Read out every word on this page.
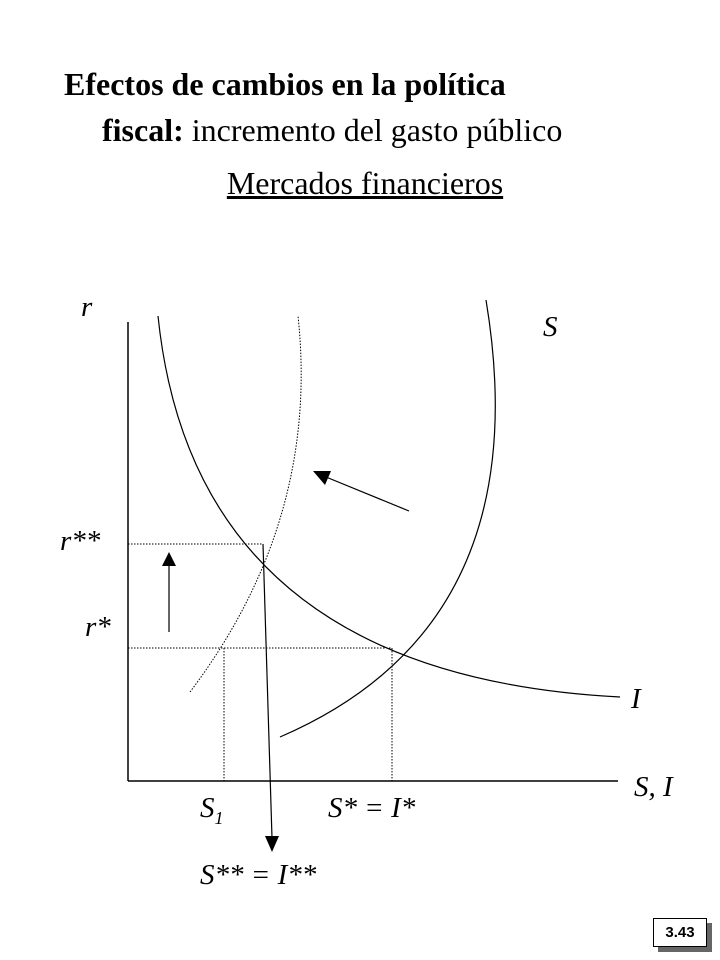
Efectos de cambios en la política
fiscal: incremento del gasto público
Mercados financieros
r
S
r**
r*
I
S, I
$S_1$	S* = I*
S** = I**
3.43
